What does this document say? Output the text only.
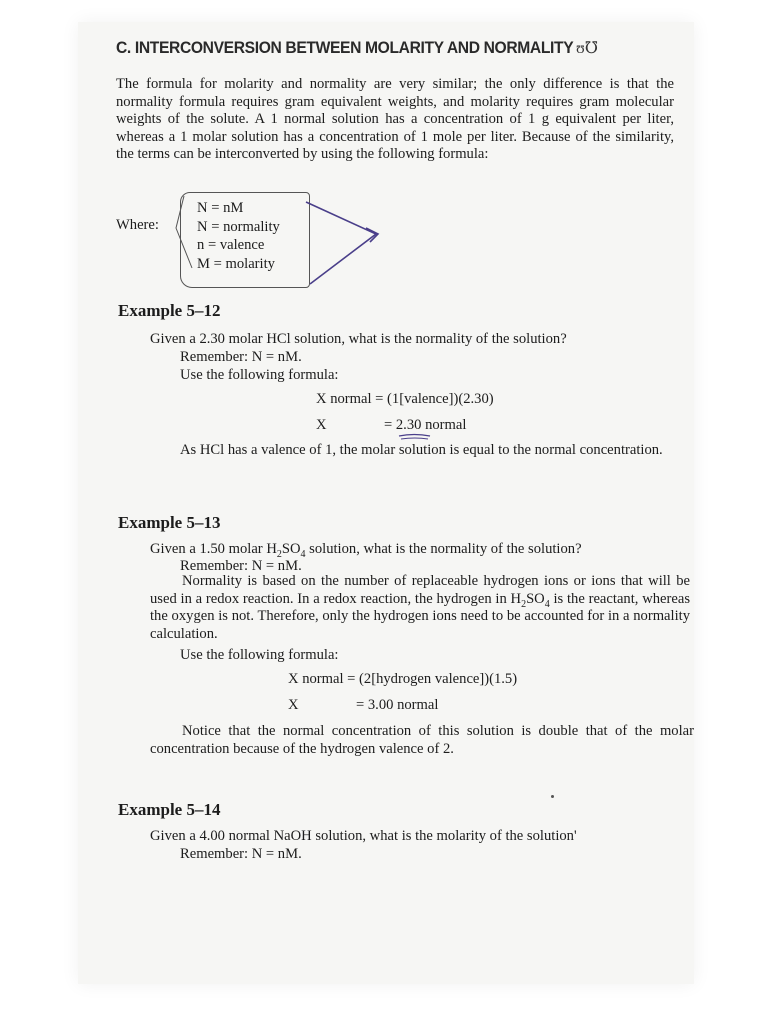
C. INTERCONVERSION BETWEEN MOLARITY AND NORMALITY ʊ℧
The formula for molarity and normality are very similar; the only difference is that the normality formula requires gram equivalent weights, and molarity requires gram molecular weights of the solute. A 1 normal solution has a concentration of 1 g equivalent per liter, whereas a 1 molar solution has a concentration of 1 mole per liter. Because of the similarity, the terms can be interconverted by using the following formula:
Where:
N = nM
N = normality
n = valence
M = molarity
Example 5–12
Given a 2.30 molar HCl solution, what is the normality of the solution?
Remember: N = nM.
Use the following formula:
X normal = (1[valence])(2.30)
X	= 2.30 normal
As HCl has a valence of 1, the molar solution is equal to the normal concentration.
Example 5–13
Given a 1.50 molar $H_2SO_4$ solution, what is the normality of the solution?
Remember: N = nM.
Normality is based on the number of replaceable hydrogen ions or ions that will be used in a redox reaction. In a redox reaction, the hydrogen in $H_2SO_4$ is the reactant, whereas the oxygen is not. Therefore, only the hydrogen ions need to be accounted for in a normality calculation.
Use the following formula:
X normal = (2[hydrogen valence])(1.5)
X	= 3.00 normal
Notice that the normal concentration of this solution is double that of the molar concentration because of the hydrogen valence of 2.
Example 5–14
Given a 4.00 normal NaOH solution, what is the molarity of the solution'
Remember: N = nM.
